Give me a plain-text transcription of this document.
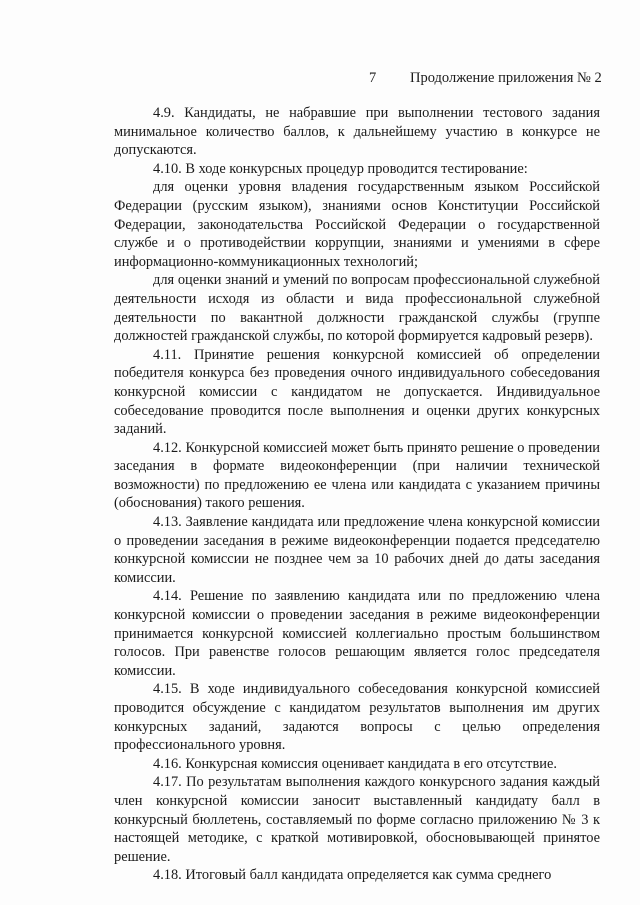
7 Продолжение приложения № 2

4.9. Кандидаты, не набравшие при выполнении тестового задания минимальное количество баллов, к дальнейшему участию в конкурсе не допускаются.

4.10. В ходе конкурсных процедур проводится тестирование:

для оценки уровня владения государственным языком Российской Федерации (русским языком), знаниями основ Конституции Российской Федерации, законодательства Российской Федерации о государственной службе и о противодействии коррупции, знаниями и умениями в сфере информационно-коммуникационных технологий;

для оценки знаний и умений по вопросам профессиональной служебной деятельности исходя из области и вида профессиональной служебной деятельности по вакантной должности гражданской службы (группе должностей гражданской службы, по которой формируется кадровый резерв).

4.11. Принятие решения конкурсной комиссией об определении победителя конкурса без проведения очного индивидуального собеседования конкурсной комиссии с кандидатом не допускается. Индивидуальное собеседование проводится после выполнения и оценки других конкурсных заданий.

4.12. Конкурсной комиссией может быть принято решение о проведении заседания в формате видеоконференции (при наличии технической возможности) по предложению ее члена или кандидата с указанием причины (обоснования) такого решения.

4.13. Заявление кандидата или предложение члена конкурсной комиссии о проведении заседания в режиме видеоконференции подается председателю конкурсной комиссии не позднее чем за 10 рабочих дней до даты заседания комиссии.

4.14. Решение по заявлению кандидата или по предложению члена конкурсной комиссии о проведении заседания в режиме видеоконференции принимается конкурсной комиссией коллегиально простым большинством голосов. При равенстве голосов решающим является голос председателя комиссии.

4.15. В ходе индивидуального собеседования конкурсной комиссией проводится обсуждение с кандидатом результатов выполнения им других конкурсных заданий, задаются вопросы с целью определения профессионального уровня.

4.16. Конкурсная комиссия оценивает кандидата в его отсутствие.

4.17. По результатам выполнения каждого конкурсного задания каждый член конкурсной комиссии заносит выставленный кандидату балл в конкурсный бюллетень, составляемый по форме согласно приложению № 3 к настоящей методике, с краткой мотивировкой, обосновывающей принятое решение.

4.18. Итоговый балл кандидата определяется как сумма среднего
